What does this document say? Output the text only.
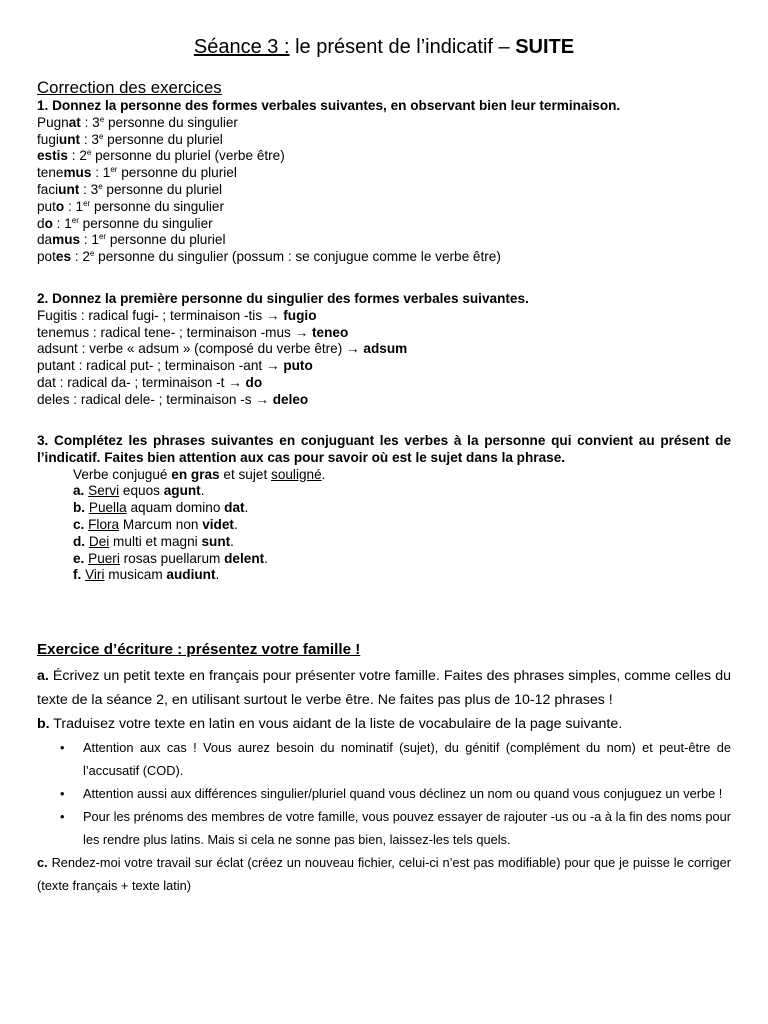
Séance 3 : le présent de l’indicatif – SUITE
Correction des exercices
1. Donnez la personne des formes verbales suivantes, en observant bien leur terminaison.
Pugnat : 3e personne du singulier
fugiunt : 3e personne du pluriel
estis : 2e personne du pluriel (verbe être)
tenemus : 1er personne du pluriel
faciunt : 3e personne du pluriel
puto : 1er personne du singulier
do : 1er personne du singulier
damus : 1er personne du pluriel
potes : 2e personne du singulier (possum : se conjugue comme le verbe être)
2. Donnez la première personne du singulier des formes verbales suivantes.
Fugitis : radical fugi- ; terminaison -tis → fugio
tenemus : radical tene- ; terminaison -mus → teneo
adsunt : verbe « adsum » (composé du verbe être) → adsum
putant : radical put- ; terminaison -ant → puto
dat : radical da- ; terminaison -t → do
deles : radical dele- ; terminaison -s → deleo
3. Complétez les phrases suivantes en conjuguant les verbes à la personne qui convient au présent de l’indicatif. Faites bien attention aux cas pour savoir où est le sujet dans la phrase.
Verbe conjugué en gras et sujet souligné.
a. Servi equos agunt.
b. Puella aquam domino dat.
c. Flora Marcum non videt.
d. Dei multi et magni sunt.
e. Pueri rosas puellarum delent.
f. Viri musicam audiunt.
Exercice d’écriture : présentez votre famille !
a. Écrivez un petit texte en français pour présenter votre famille. Faites des phrases simples, comme celles du texte de la séance 2, en utilisant surtout le verbe être. Ne faites pas plus de 10-12 phrases !
b. Traduisez votre texte en latin en vous aidant de la liste de vocabulaire de la page suivante.
• Attention aux cas ! Vous aurez besoin du nominatif (sujet), du génitif (complément du nom) et peut-être de l’accusatif (COD).
• Attention aussi aux différences singulier/pluriel quand vous déclinez un nom ou quand vous conjuguez un verbe !
• Pour les prénoms des membres de votre famille, vous pouvez essayer de rajouter -us ou -a à la fin des noms pour les rendre plus latins. Mais si cela ne sonne pas bien, laissez-les tels quels.
c. Rendez-moi votre travail sur éclat (créez un nouveau fichier, celui-ci n’est pas modifiable) pour que je puisse le corriger (texte français + texte latin)
